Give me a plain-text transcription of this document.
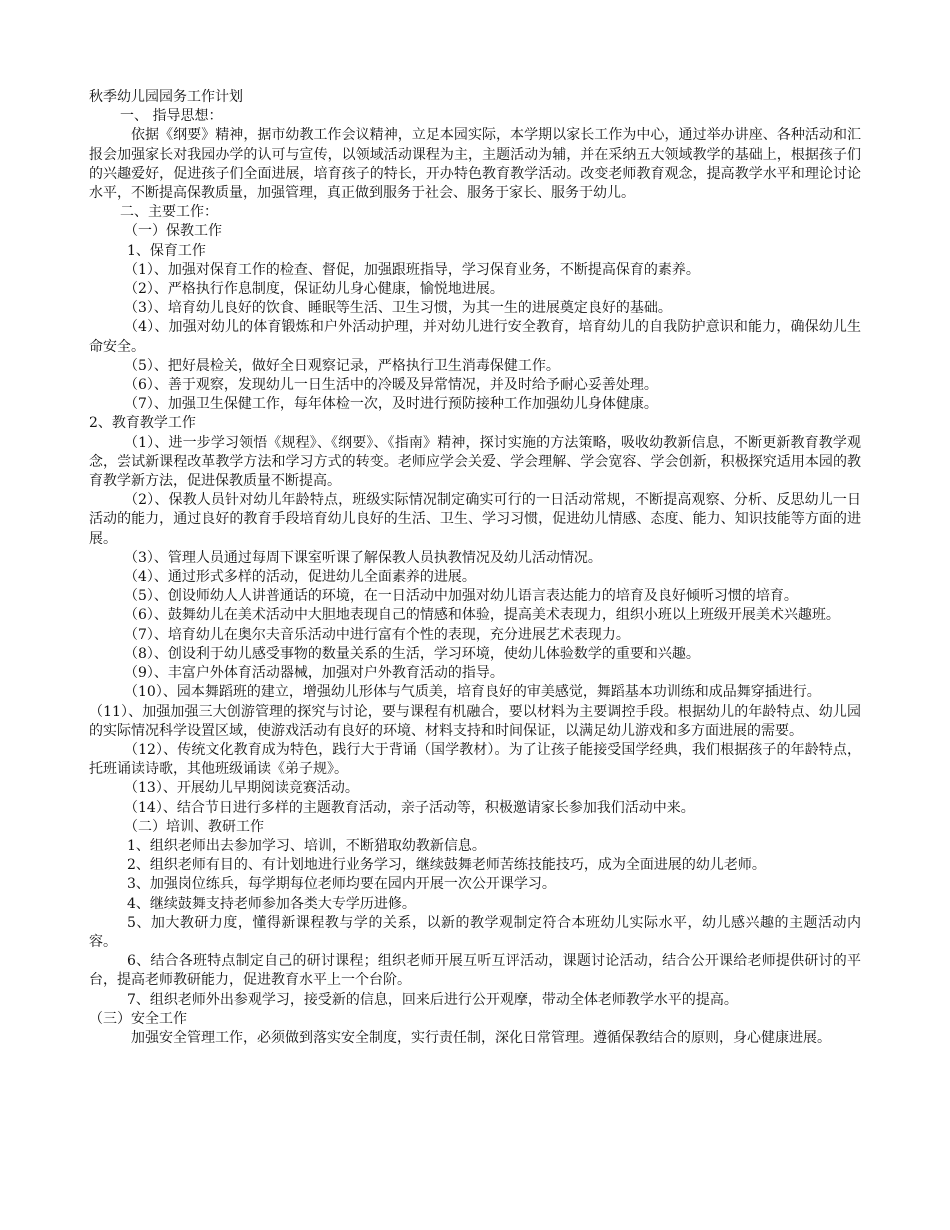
秋季幼儿园园务工作计划
一、 指导思想：

依据《纲要》精神，据市幼教工作会议精神，立足本园实际，本学期以家长工作为中心，通过举办讲座、各种活动和汇报会加强家长对我园办学的认可与宣传，以领域活动课程为主，主题活动为辅，并在采纳五大领域教学的基础上，根据孩子们的兴趣爱好，促进孩子们全面进展，培育孩子的特长，开办特色教育教学活动。改变老师教育观念，提高教学水平和理论讨论水平，不断提高保教质量，加强管理，真正做到服务于社会、服务于家长、服务于幼儿。

二、主要工作：
（一）保教工作
1、保育工作

（1）、加强对保育工作的检查、督促，加强跟班指导，学习保育业务，不断提高保育的素养。

（2）、严格执行作息制度，保证幼儿身心健康，愉悦地进展。

（3）、培育幼儿良好的饮食、睡眠等生活、卫生习惯，为其一生的进展奠定良好的基础。

（4）、加强对幼儿的体育锻炼和户外活动护理，并对幼儿进行安全教育，培育幼儿的自我防护意识和能力，确保幼儿生命安全。

（5）、把好晨检关，做好全日观察记录，严格执行卫生消毒保健工作。

（6）、善于观察，发现幼儿一日生活中的冷暖及异常情况，并及时给予耐心妥善处理。

（7）、加强卫生保健工作，每年体检一次，及时进行预防接种工作加强幼儿身体健康。

2、教育教学工作

（1）、进一步学习领悟《规程》、《纲要》、《指南》精神，探讨实施的方法策略，吸收幼教新信息，不断更新教育教学观念，尝试新课程改革教学方法和学习方式的转变。老师应学会关爱、学会理解、学会宽容、学会创新，积极探究适用本园的教育教学新方法，促进保教质量不断提高。

（2）、保教人员针对幼儿年龄特点，班级实际情况制定确实可行的一日活动常规，不断提高观察、分析、反思幼儿一日活动的能力，通过良好的教育手段培育幼儿良好的生活、卫生、学习习惯，促进幼儿情感、态度、能力、知识技能等方面的进展。

（3）、管理人员通过每周下课室听课了解保教人员执教情况及幼儿活动情况。

（4）、通过形式多样的活动，促进幼儿全面素养的进展。

（5）、创设师幼人人讲普通话的环境，在一日活动中加强对幼儿语言表达能力的培育及良好倾听习惯的培育。

（6）、鼓舞幼儿在美术活动中大胆地表现自己的情感和体验，提高美术表现力，组织小班以上班级开展美术兴趣班。

（7）、培育幼儿在奥尔夫音乐活动中进行富有个性的表现，充分进展艺术表现力。

（8）、创设利于幼儿感受事物的数量关系的生活，学习环境，使幼儿体验数学的重要和兴趣。

（9）、丰富户外体育活动器械，加强对户外教育活动的指导。

（10）、园本舞蹈班的建立，增强幼儿形体与气质美，培育良好的审美感觉，舞蹈基本功训练和成品舞穿插进行。

（11）、加强加强三大创游管理的探究与讨论，要与课程有机融合，要以材料为主要调控手段。根据幼儿的年龄特点、幼儿园的实际情况科学设置区域，使游戏活动有良好的环境、材料支持和时间保证，以满足幼儿游戏和多方面进展的需要。

（12）、传统文化教育成为特色，践行大于背诵（国学教材）。为了让孩子能接受国学经典，我们根据孩子的年龄特点，托班诵读诗歌，其他班级诵读《弟子规》。

（13）、开展幼儿早期阅读竞赛活动。

（14）、结合节日进行多样的主题教育活动，亲子活动等，积极邀请家长参加我们活动中来。

（二）培训、教研工作

1、组织老师出去参加学习、培训，不断猎取幼教新信息。

2、组织老师有目的、有计划地进行业务学习，继续鼓舞老师苦练技能技巧，成为全面进展的幼儿老师。

3、加强岗位练兵，每学期每位老师均要在园内开展一次公开课学习。

4、继续鼓舞支持老师参加各类大专学历进修。

5、加大教研力度，懂得新课程教与学的关系，以新的教学观制定符合本班幼儿实际水平，幼儿感兴趣的主题活动内容。

6、结合各班特点制定自己的研讨课程；组织老师开展互听互评活动，课题讨论活动，结合公开课给老师提供研讨的平台，提高老师教研能力，促进教育水平上一个台阶。

7、组织老师外出参观学习，接受新的信息，回来后进行公开观摩，带动全体老师教学水平的提高。

（三）安全工作

加强安全管理工作，必须做到落实安全制度，实行责任制，深化日常管理。遵循保教结合的原则，身心健康进展。
